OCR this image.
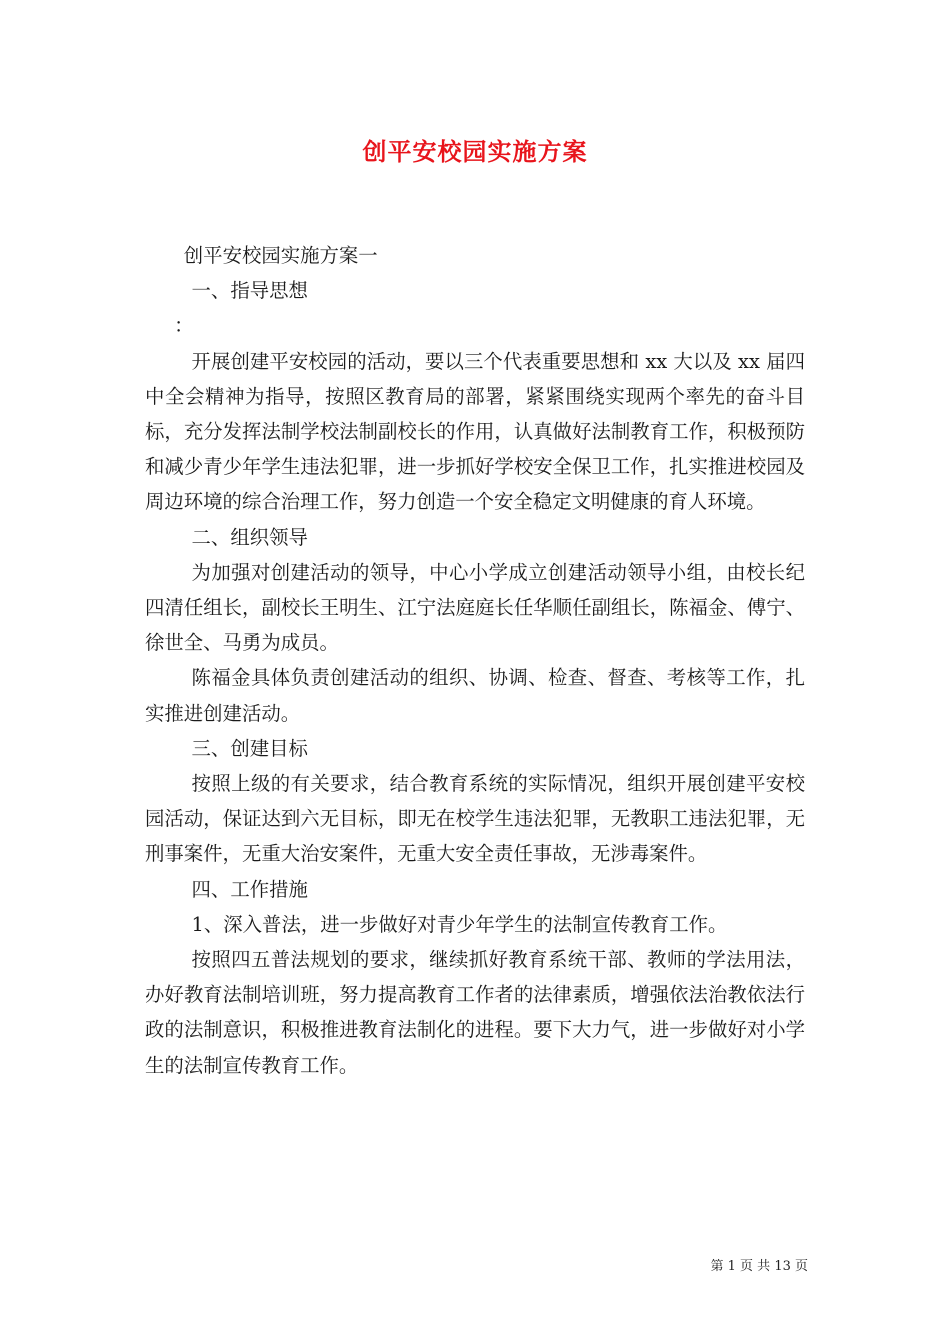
创平安校园实施方案

创平安校园实施方案一

一、指导思想

：

开展创建平安校园的活动，要以三个代表重要思想和 xx 大以及 xx 届四中全会精神为指导，按照区教育局的部署，紧紧围绕实现两个率先的奋斗目标，充分发挥法制学校法制副校长的作用，认真做好法制教育工作，积极预防和减少青少年学生违法犯罪，进一步抓好学校安全保卫工作，扎实推进校园及周边环境的综合治理工作，努力创造一个安全稳定文明健康的育人环境。

二、组织领导

为加强对创建活动的领导，中心小学成立创建活动领导小组，由校长纪四清任组长，副校长王明生、江宁法庭庭长任华顺任副组长，陈福金、傅宁、徐世全、马勇为成员。

陈福金具体负责创建活动的组织、协调、检查、督查、考核等工作，扎实推进创建活动。

三、创建目标

按照上级的有关要求，结合教育系统的实际情况，组织开展创建平安校园活动，保证达到六无目标，即无在校学生违法犯罪，无教职工违法犯罪，无刑事案件，无重大治安案件，无重大安全责任事故，无涉毒案件。

四、工作措施

1、深入普法，进一步做好对青少年学生的法制宣传教育工作。

按照四五普法规划的要求，继续抓好教育系统干部、教师的学法用法，办好教育法制培训班，努力提高教育工作者的法律素质，增强依法治教依法行政的法制意识，积极推进教育法制化的进程。要下大力气，进一步做好对小学生的法制宣传教育工作。

第 1 页 共 13 页
